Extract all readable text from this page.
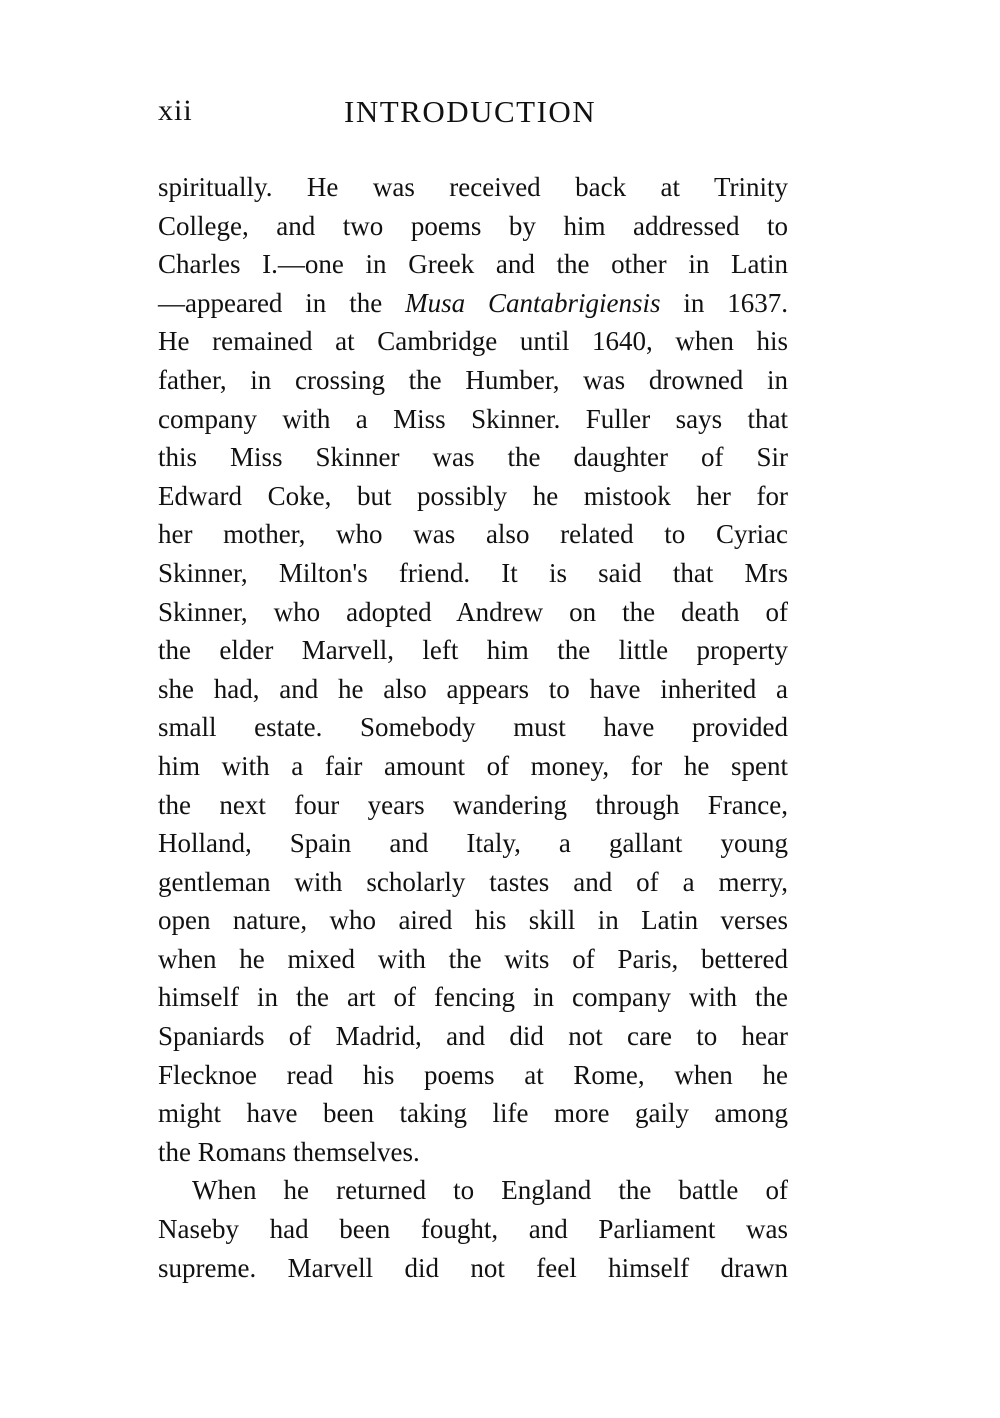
xii	INTRODUCTION
spiritually. He was received back at Trinity
College, and two poems by him addressed to
Charles I.—one in Greek and the other in Latin
—appeared in the Musa Cantabrigiensis in 1637.
He remained at Cambridge until 1640, when his
father, in crossing the Humber, was drowned in
company with a Miss Skinner. Fuller says that
this Miss Skinner was the daughter of Sir
Edward Coke, but possibly he mistook her for
her mother, who was also related to Cyriac
Skinner, Milton's friend. It is said that Mrs
Skinner, who adopted Andrew on the death of
the elder Marvell, left him the little property
she had, and he also appears to have inherited a
small estate. Somebody must have provided
him with a fair amount of money, for he spent
the next four years wandering through France,
Holland, Spain and Italy, a gallant young
gentleman with scholarly tastes and of a merry,
open nature, who aired his skill in Latin verses
when he mixed with the wits of Paris, bettered
himself in the art of fencing in company with the
Spaniards of Madrid, and did not care to hear
Flecknoe read his poems at Rome, when he
might have been taking life more gaily among
the Romans themselves.
When he returned to England the battle of
Naseby had been fought, and Parliament was
supreme. Marvell did not feel himself drawn
